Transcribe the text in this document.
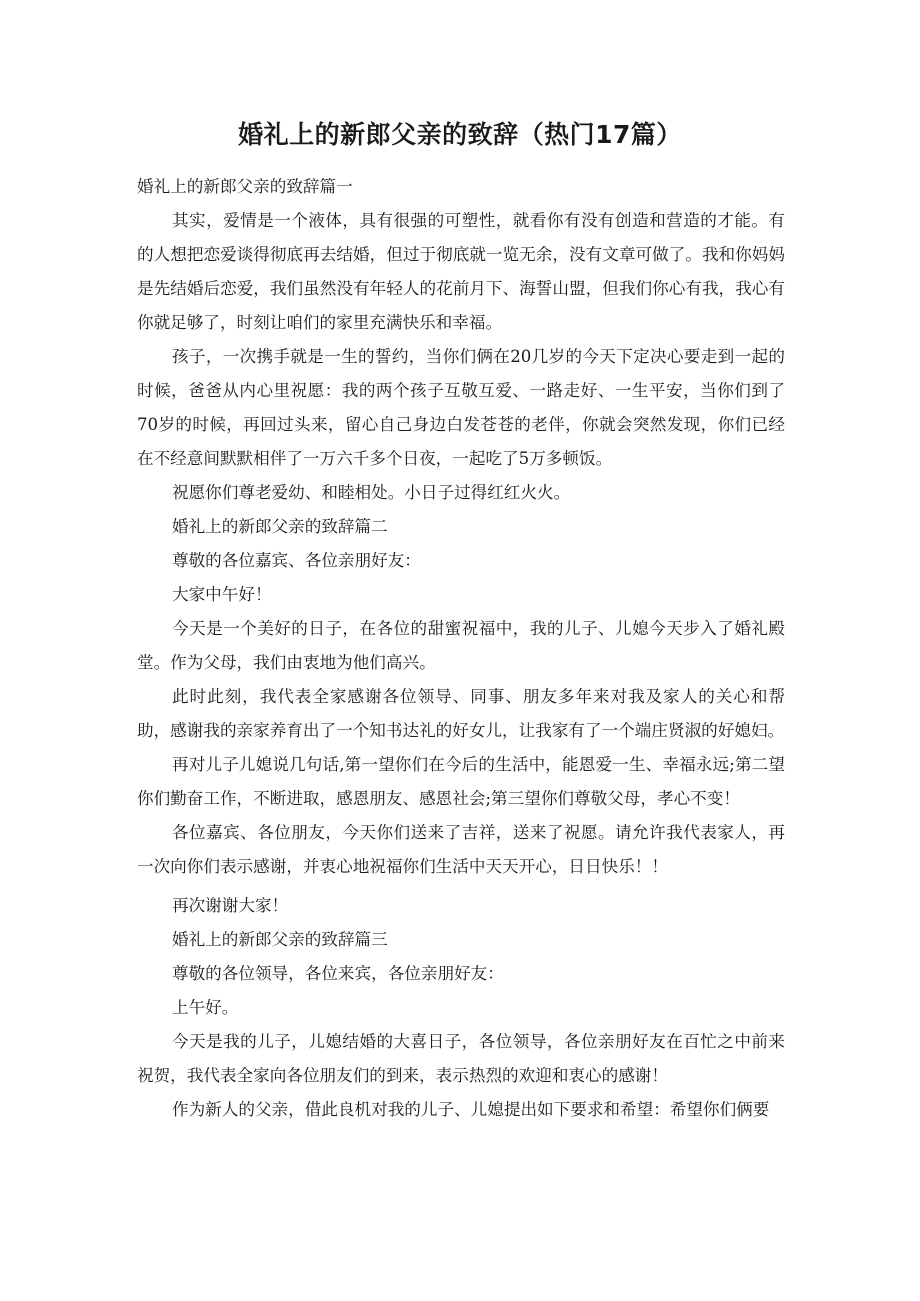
婚礼上的新郎父亲的致辞（热门17篇）

婚礼上的新郎父亲的致辞篇一

其实，爱情是一个液体，具有很强的可塑性，就看你有没有创造和营造的才能。有的人想把恋爱谈得彻底再去结婚，但过于彻底就一览无余，没有文章可做了。我和你妈妈是先结婚后恋爱，我们虽然没有年轻人的花前月下、海誓山盟，但我们你心有我，我心有你就足够了，时刻让咱们的家里充满快乐和幸福。

孩子，一次携手就是一生的誓约，当你们俩在20几岁的今天下定决心要走到一起的时候，爸爸从内心里祝愿：我的两个孩子互敬互爱、一路走好、一生平安，当你们到了70岁的时候，再回过头来，留心自己身边白发苍苍的老伴，你就会突然发现，你们已经在不经意间默默相伴了一万六千多个日夜，一起吃了5万多顿饭。

祝愿你们尊老爱幼、和睦相处。小日子过得红红火火。

婚礼上的新郎父亲的致辞篇二

尊敬的各位嘉宾、各位亲朋好友：

大家中午好！

今天是一个美好的日子，在各位的甜蜜祝福中，我的儿子、儿媳今天步入了婚礼殿堂。作为父母，我们由衷地为他们高兴。

此时此刻，我代表全家感谢各位领导、同事、朋友多年来对我及家人的关心和帮助，感谢我的亲家养育出了一个知书达礼的好女儿，让我家有了一个端庄贤淑的好媳妇。

再对儿子儿媳说几句话,第一望你们在今后的生活中，能恩爱一生、幸福永远;第二望你们勤奋工作，不断进取，感恩朋友、感恩社会;第三望你们尊敬父母，孝心不变！

各位嘉宾、各位朋友，今天你们送来了吉祥，送来了祝愿。请允许我代表家人，再一次向你们表示感谢，并衷心地祝福你们生活中天天开心，日日快乐！！

再次谢谢大家！

婚礼上的新郎父亲的致辞篇三

尊敬的各位领导，各位来宾，各位亲朋好友：

上午好。

今天是我的儿子，儿媳结婚的大喜日子，各位领导，各位亲朋好友在百忙之中前来祝贺，我代表全家向各位朋友们的到来，表示热烈的欢迎和衷心的感谢！

作为新人的父亲，借此良机对我的儿子、儿媳提出如下要求和希望：希望你们俩要
